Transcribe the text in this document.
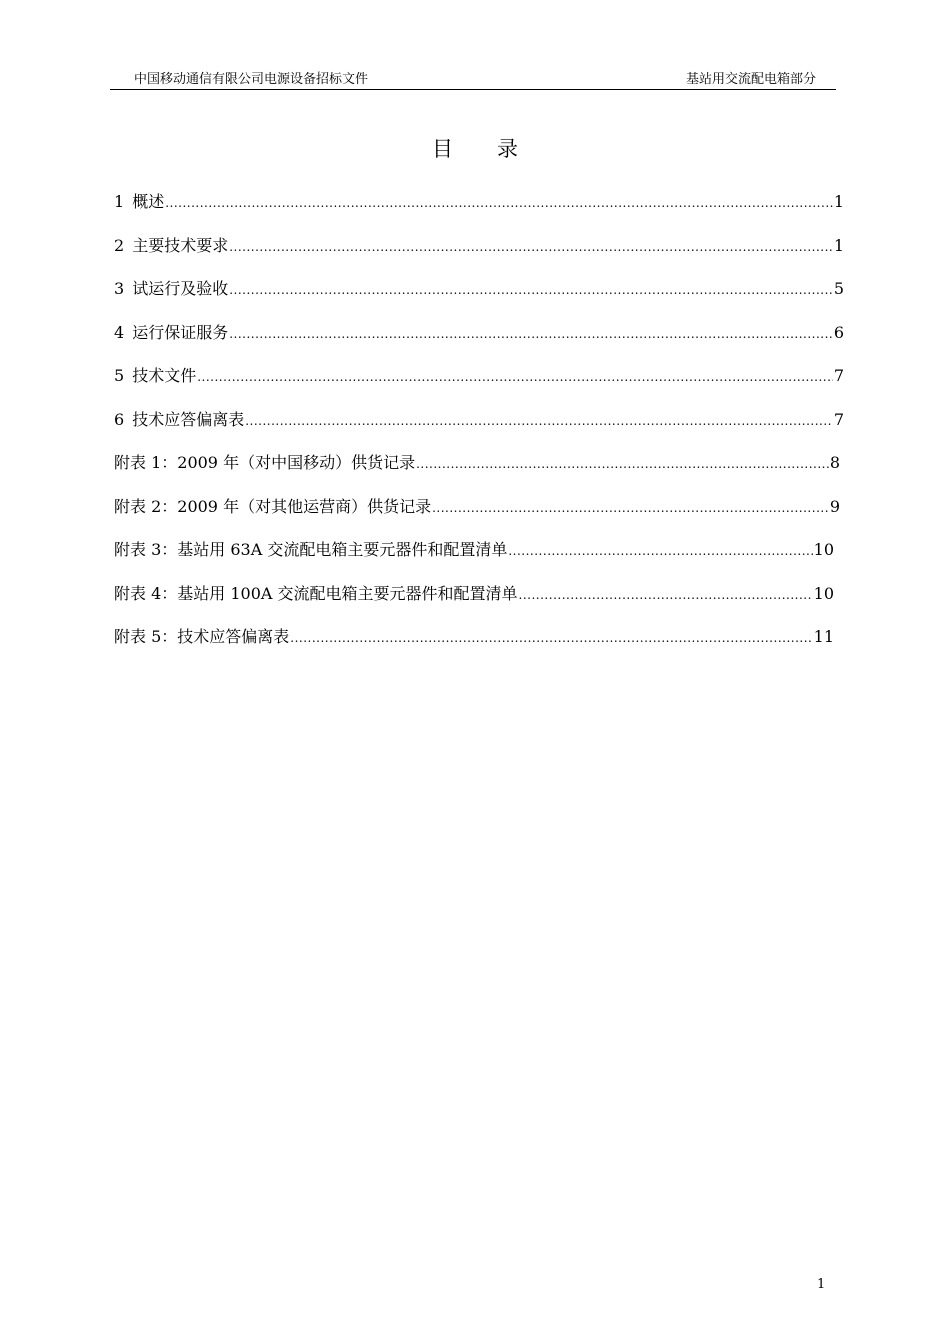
中国移动通信有限公司电源设备招标文件	基站用交流配电箱部分
目 录
1 概述 .....	1
2 主要技术要求 .....	1
3 试运行及验收 .....	5
4 运行保证服务 .....	6
5 技术文件 .....	7
6 技术应答偏离表 .....	7
附表 1：2009 年（对中国移动）供货记录 .....	8
附表 2：2009 年（对其他运营商）供货记录 .....	9
附表 3：基站用 63A 交流配电箱主要元器件和配置清单 .....	10
附表 4：基站用 100A 交流配电箱主要元器件和配置清单 .....	10
附表 5：技术应答偏离表 .....	11
1
